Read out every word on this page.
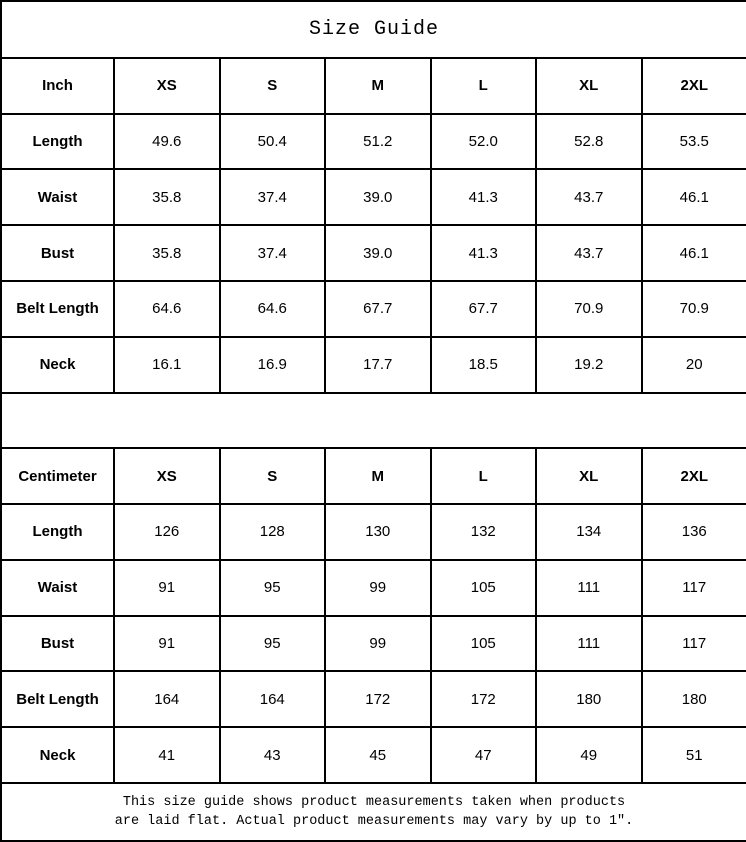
Size Guide						
Inch	XS	S	M	L	XL	2XL
Length	49.6	50.4	51.2	52.0	52.8	53.5
Waist	35.8	37.4	39.0	41.3	43.7	46.1
Bust	35.8	37.4	39.0	41.3	43.7	46.1
Belt Length	64.6	64.6	67.7	67.7	70.9	70.9
Neck	16.1	16.9	17.7	18.5	19.2	20

Centimeter	XS	S	M	L	XL	2XL
Length	126	128	130	132	134	136
Waist	91	95	99	105	111	117
Bust	91	95	99	105	111	117
Belt Length	164	164	172	172	180	180
Neck	41	43	45	47	49	51

This size guide shows product measurements taken when products
are laid flat. Actual product measurements may vary by up to 1″.						
